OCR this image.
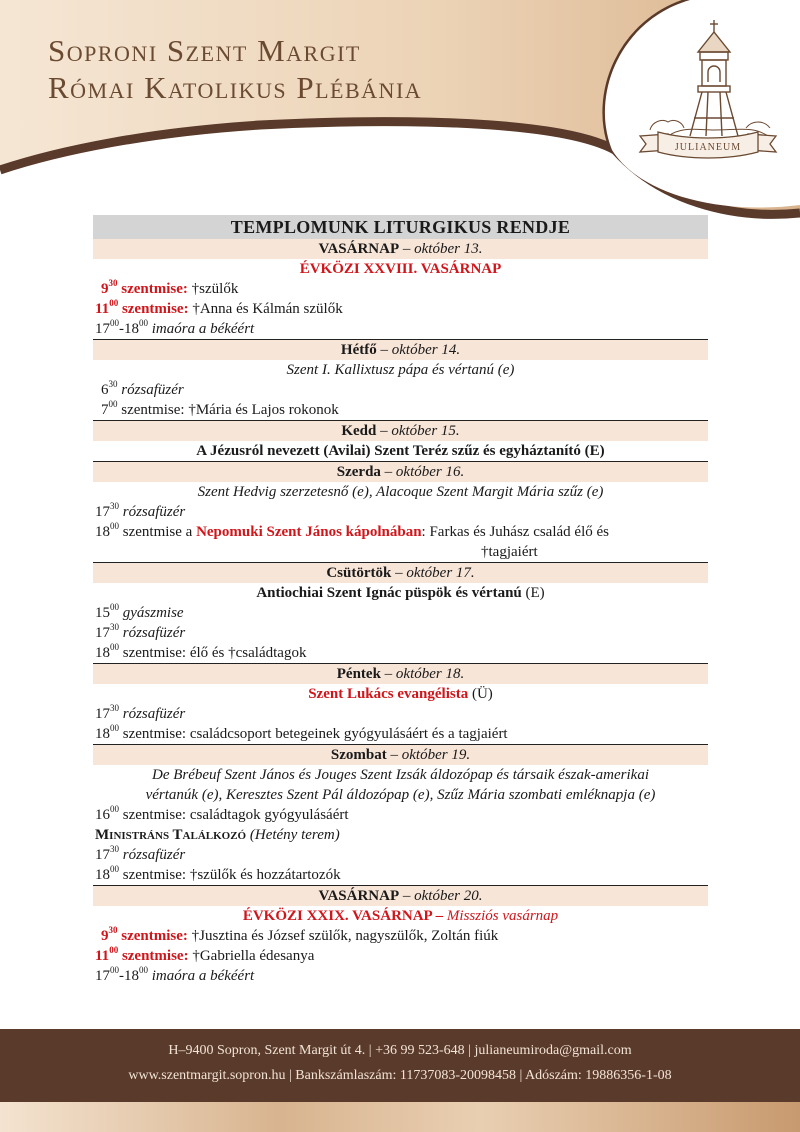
Soproni Szent Margit
Római Katolikus Plébánia
JULIANEUM
TEMPLOMUNK LITURGIKUS RENDJE
VASÁRNAP – október 13.
ÉVKÖZI XXVIII. VASÁRNAP
$9^{30}$ szentmise: †szülők
$11^{00}$ szentmise: †Anna és Kálmán szülők
$17^{00}-18^{00}$ imaóra a békéért
Hétfő – október 14.
Szent I. Kallixtusz pápa és vértanú (e)
$6^{30}$ rózsafüzér
$7^{00}$ szentmise: †Mária és Lajos rokonok
Kedd – október 15.
A Jézusról nevezett (Avilai) Szent Teréz szűz és egyháztanító (E)
Szerda – október 16.
Szent Hedvig szerzetesnő (e), Alacoque Szent Margit Mária szűz (e)
$17^{30}$ rózsafüzér
$18^{00}$ szentmise a Nepomuki Szent János kápolnában: Farkas és Juhász család élő és
†tagjaiért
Csütörtök – október 17.
Antiochiai Szent Ignác püspök és vértanú (E)
$15^{00}$ gyászmise
$17^{30}$ rózsafüzér
$18^{00}$ szentmise: élő és †családtagok
Péntek – október 18.
Szent Lukács evangélista (Ü)
$17^{30}$ rózsafüzér
$18^{00}$ szentmise: családcsoport betegeinek gyógyulásáért és a tagjaiért
Szombat – október 19.
De Brébeuf Szent János és Jouges Szent Izsák áldozópap és társaik észak-amerikai
vértanúk (e), Keresztes Szent Pál áldozópap (e), Szűz Mária szombati emléknapja (e)
$16^{00}$ szentmise: családtagok gyógyulásáért
Ministráns Találkozó (Hetény terem)
$17^{30}$ rózsafüzér
$18^{00}$ szentmise: †szülők és hozzátartozók
VASÁRNAP – október 20.
ÉVKÖZI XXIX. VASÁRNAP – Missziós vasárnap
$9^{30}$ szentmise: †Jusztina és József szülők, nagyszülők, Zoltán fiúk
$11^{00}$ szentmise: †Gabriella édesanya
$17^{00}-18^{00}$ imaóra a békéért
H–9400 Sopron, Szent Margit út 4. | +36 99 523-648 | julianeumiroda@gmail.com
www.szentmargit.sopron.hu | Bankszámlaszám: 11737083-20098458 | Adószám: 19886356-1-08
